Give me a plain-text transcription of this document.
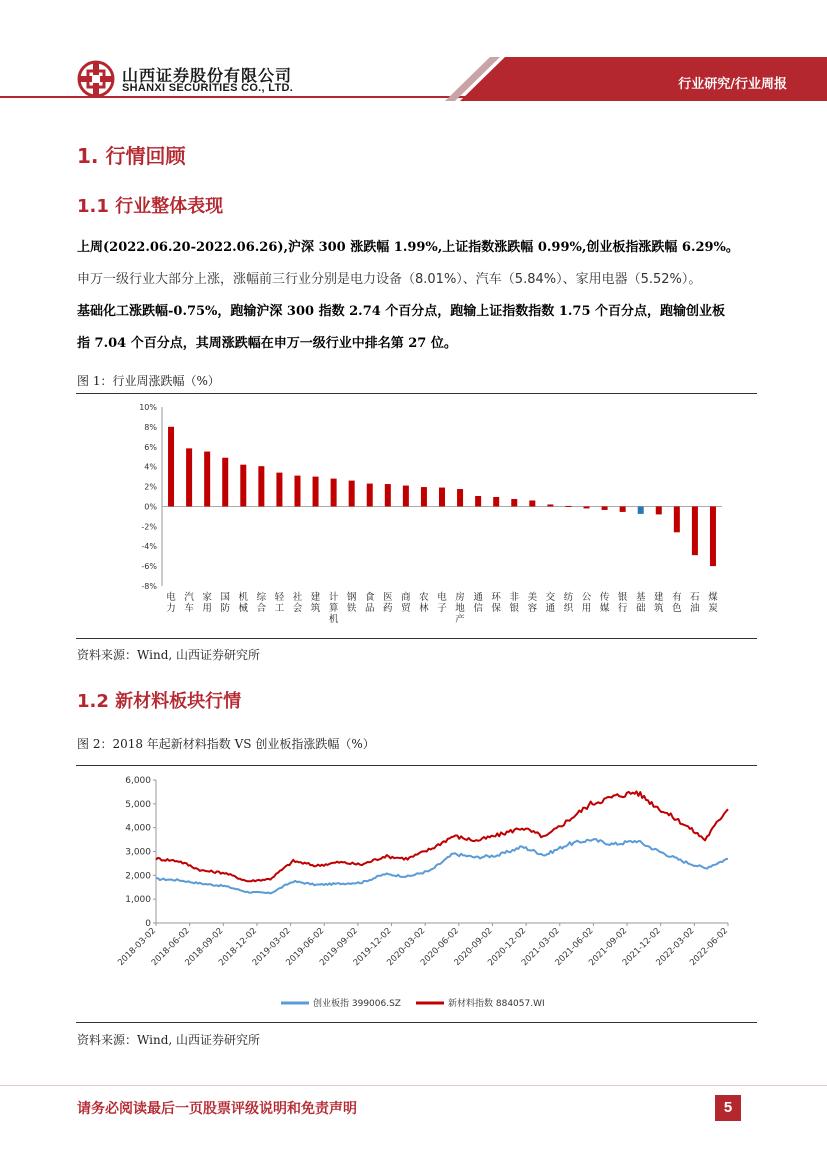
山西证券股份有限公司
SHANXI SECURITIES CO., LTD.	行业研究/行业周报
1. 行情回顾
1.1 行业整体表现
上周(2022.06.20-2022.06.26),沪深 300 涨跌幅 1.99%,上证指数涨跌幅 0.99%,创业板指涨跌幅 6.29%。
申万一级行业大部分上涨，涨幅前三行业分别是电力设备（8.01%）、汽车（5.84%）、家用电器（5.52%）。
基础化工涨跌幅-0.75%，跑输沪深 300 指数 2.74 个百分点，跑输上证指数指数 1.75 个百分点，跑输创业板
指 7.04 个百分点，其周涨跌幅在申万一级行业中排名第 27 位。
图 1：行业周涨跌幅（%）
10%
8%
6%
4%
2%
0%
-2%
-4%
-6%
-8%
电
力
汽
车
家
用
国
防
机
械
综
合
轻
工
社
会
建
筑
计
算
机
钢
铁
食
品
医
药
商
贸
农
林
电
子
房
地
产
通
信
环
保
非
银
美
容
交
通
纺
织
公
用
传
媒
银
行
基
础
建
筑
有
色
石
油
煤
炭
资料来源：Wind, 山西证券研究所
1.2 新材料板块行情
图 2：2018 年起新材料指数 VS 创业板指涨跌幅（%）
6,000
5,000
4,000
3,000
2,000
1,000
0
2018-03-02
2018-06-02
2018-09-02
2018-12-02
2019-03-02
2019-06-02
2019-09-02
2019-12-02
2020-03-02
2020-06-02
2020-09-02
2020-12-02
2021-03-02
2021-06-02
2021-09-02
2021-12-02
2022-03-02
2022-06-02
创业板指 399006.SZ	新材料指数 884057.WI
资料来源：Wind, 山西证券研究所
请务必阅读最后一页股票评级说明和免责声明	5
